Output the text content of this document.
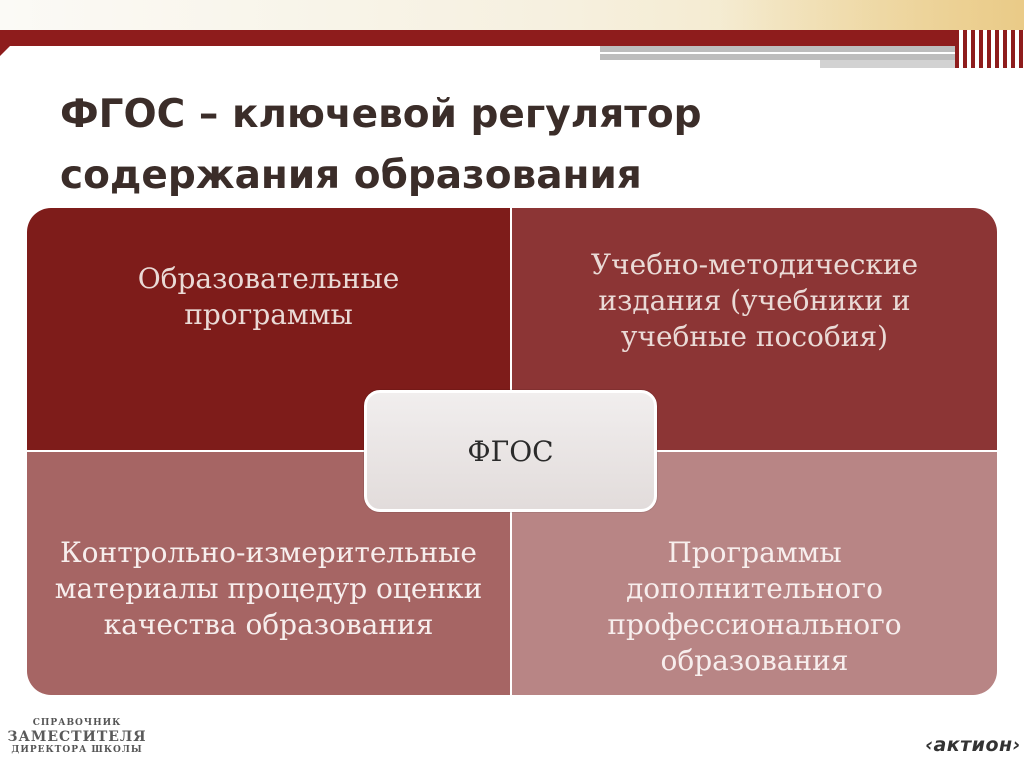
ФГОС – ключевой регулятор
содержания образования
Образовательные программы
Учебно-методические издания (учебники и учебные пособия)
Контрольно-измерительные материалы процедур оценки качества образования
Программы дополнительного профессионального образования
ФГОС
СПРАВОЧНИК
ЗАМЕСТИТЕЛЯ
ДИРЕКТОРА ШКОЛЫ	‹актион›
